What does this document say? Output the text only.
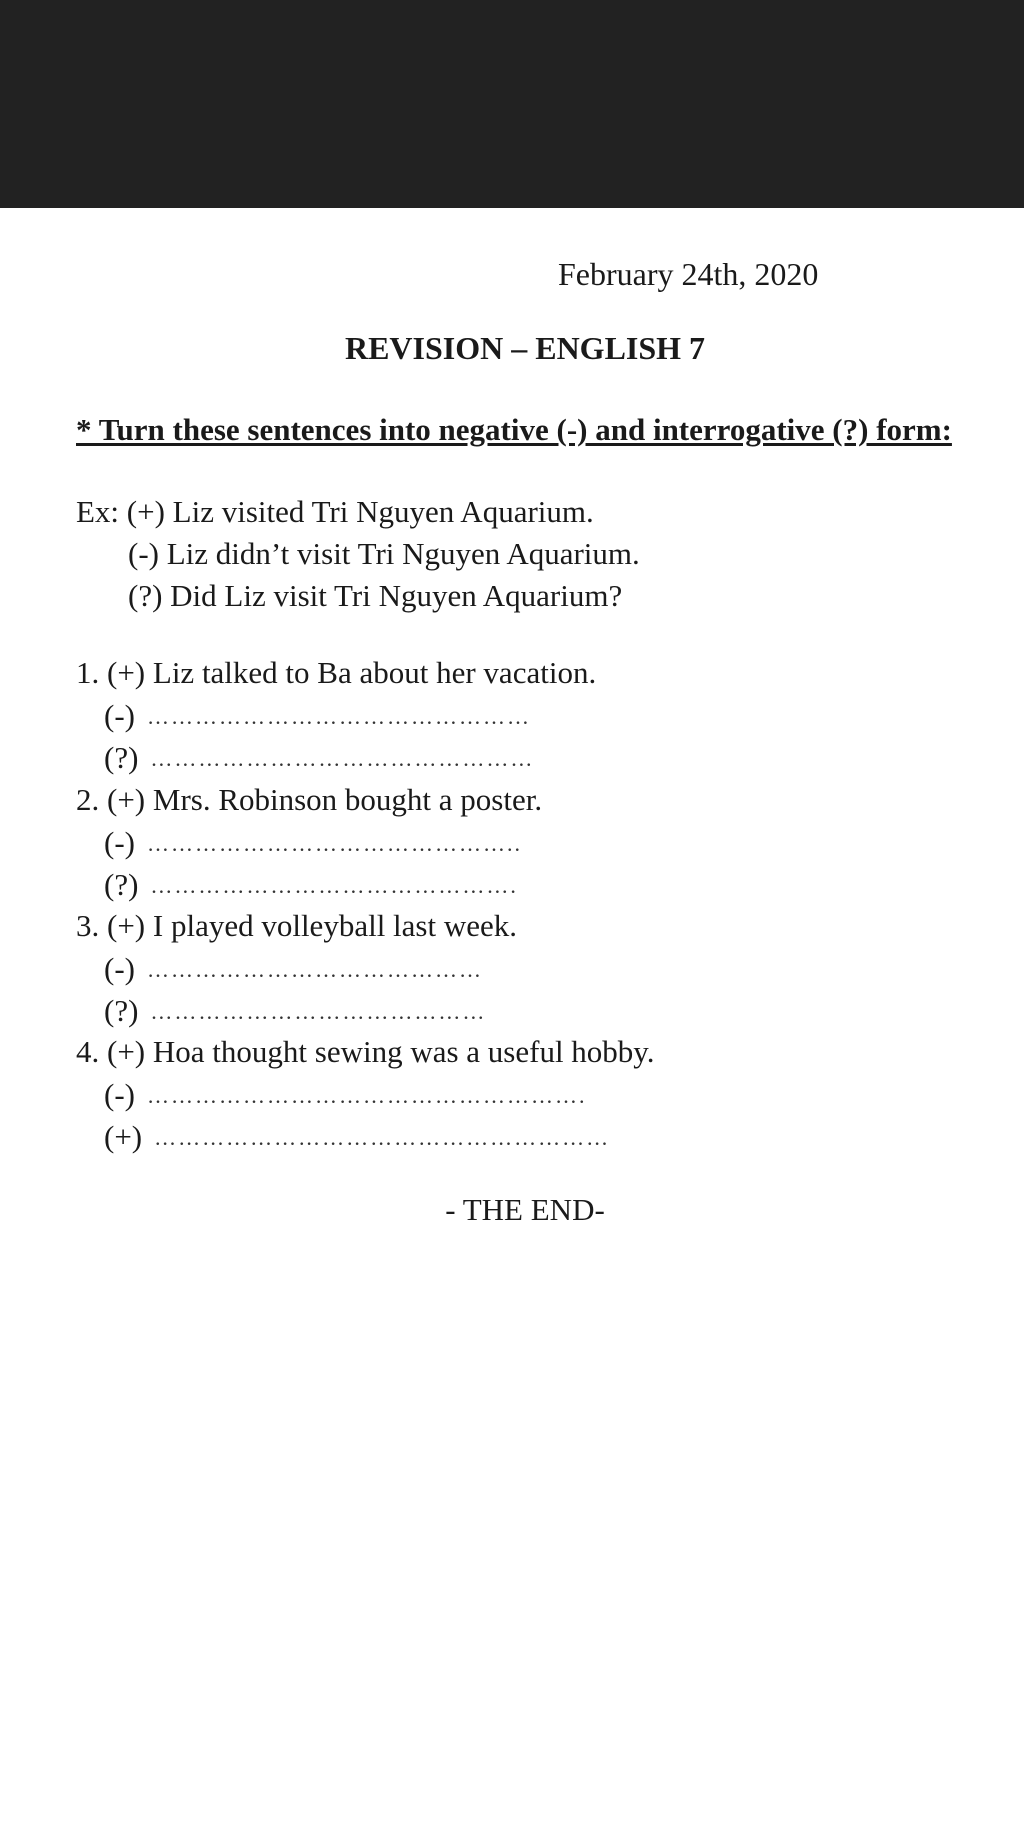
February 24th, 2020
REVISION – ENGLISH 7
* Turn these sentences into negative (-) and interrogative (?) form:
Ex: (+) Liz visited Tri Nguyen Aquarium.
(-) Liz didn’t visit Tri Nguyen Aquarium.
(?) Did Liz visit Tri Nguyen Aquarium?
1. (+) Liz talked to Ba about her vacation.
(-) …………………………………………
(?) …………………………………………
2. (+) Mrs. Robinson bought a poster.
(-) ………………………………………..
(?) ……………………………………….
3. (+) I played volleyball last week.
(-) ……………………………………
(?) ……………………………………
4. (+) Hoa thought sewing was a useful hobby.
(-) ……………………………………………….
(+) …………………………………………………
- THE END-
